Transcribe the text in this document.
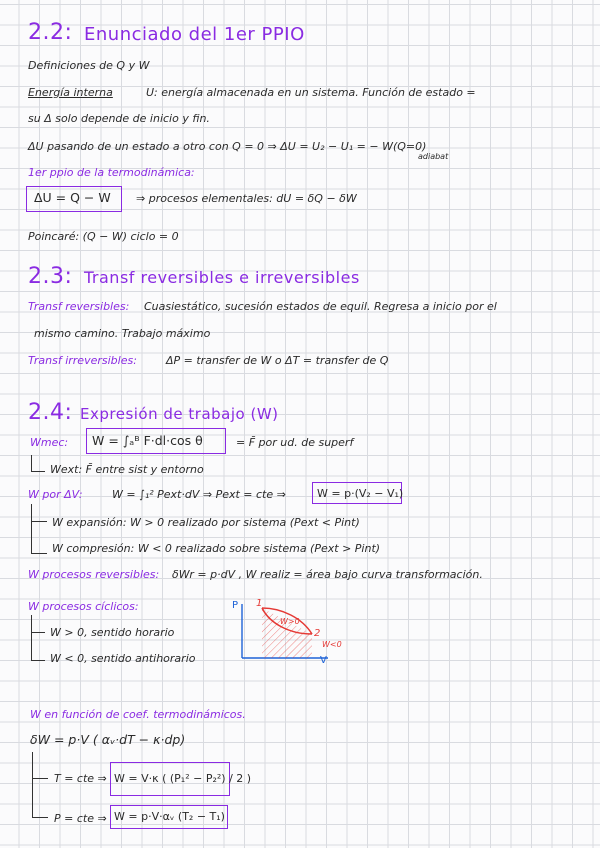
2.2: Enunciado del 1er PPIO
Definiciones de Q y W
Energía interna	U: energía almacenada en un sistema. Función de estado =
su Δ solo depende de inicio y fin.
ΔU pasando de un estado a otro con Q = 0 ⇒ ΔU = U₂ − U₁ = − W(Q=0)
adiabat
1er ppio de la termodinámica:
ΔU = Q − W ⇒ procesos elementales: dU = δQ − δW
Poincaré: (Q − W) ciclo = 0
2.3: Transf reversibles e irreversibles
Transf reversibles: Cuasiestático, sucesión estados de equil. Regresa a inicio por el
mismo camino. Trabajo máximo
Transf irreversibles:	ΔP = transfer de W o ΔT = transfer de Q
2.4: Expresión de trabajo (W)
Wmec: W = ∫ₐᴮ F·dl·cos θ	= F̄ por ud. de superf
Wext: F̄ entre sist y entorno
W por ΔV:	W = ∫₁² Pext·dV ⇒ Pext = cte ⇒	W = p·(V₂ − V₁)
W expansión: W > 0 realizado por sistema (Pext < Pint)
W compresión: W < 0 realizado sobre sistema (Pext > Pint)
W procesos reversibles: δWr = p·dV , W realiz = área bajo curva transformación.
W procesos cíclicos:
W > 0, sentido horario
W < 0, sentido antihorario
P
V
1
2
W>0
W<0
W en función de coef. termodinámicos.
δW = p·V ( αᵥ·dT − κ·dp)
T = cte ⇒ W = V·κ ( (P₁² − P₂²) / 2 )
P = cte ⇒ W = p·V·αᵥ (T₂ − T₁)
